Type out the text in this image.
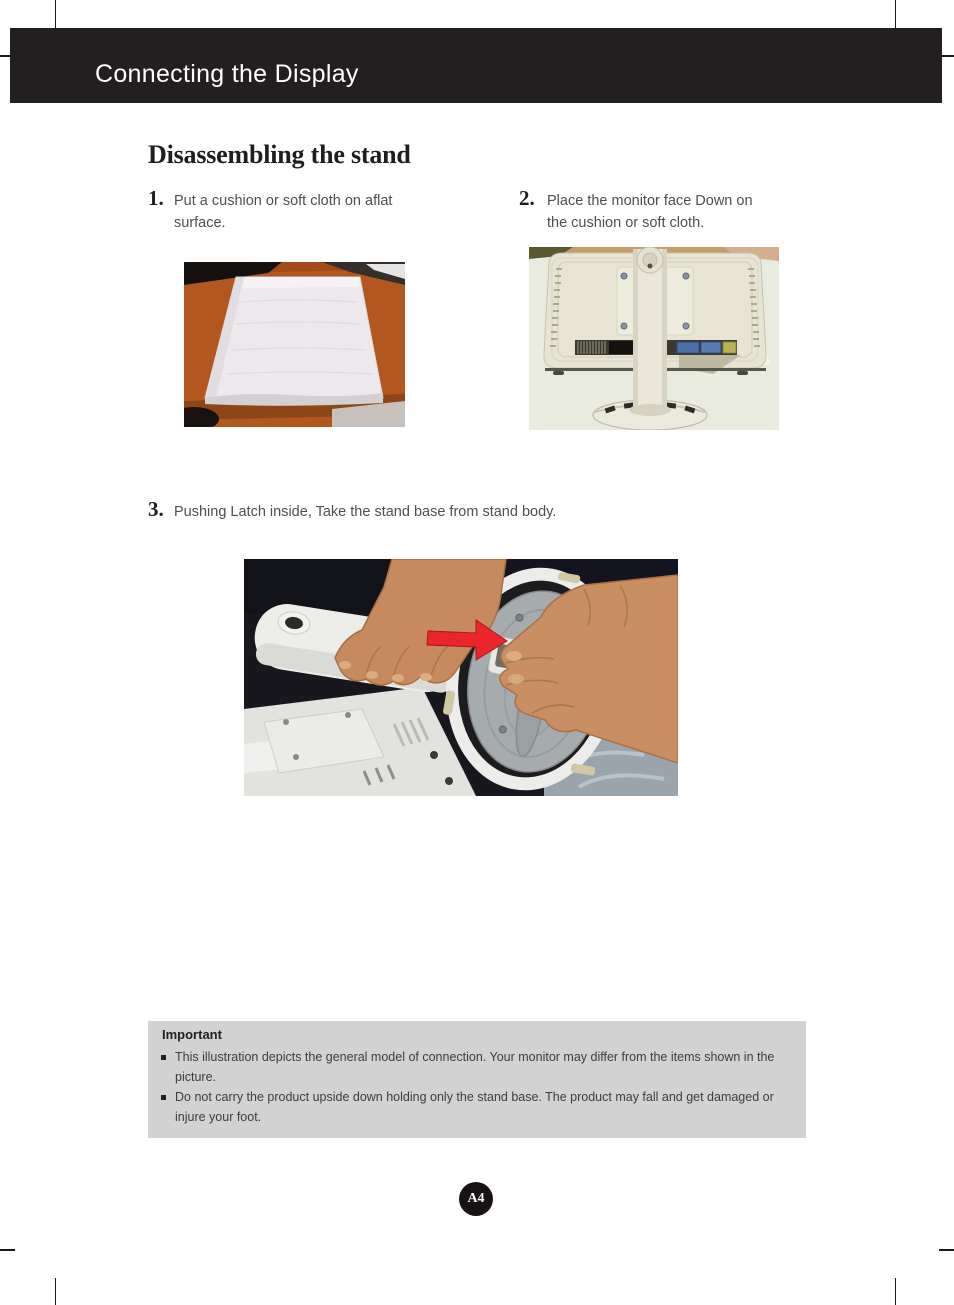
Connecting the Display
Disassembling the stand

1. Put a cushion or soft cloth on aflat surface.

2. Place the monitor face Down on the cushion or soft cloth.

3. Pushing Latch inside, Take the stand base from stand body.

Important
This illustration depicts the general model of connection. Your monitor may differ from the items shown in the picture.
Do not carry the product upside down holding only the stand base. The product may fall and get damaged or injure your foot.
A4
